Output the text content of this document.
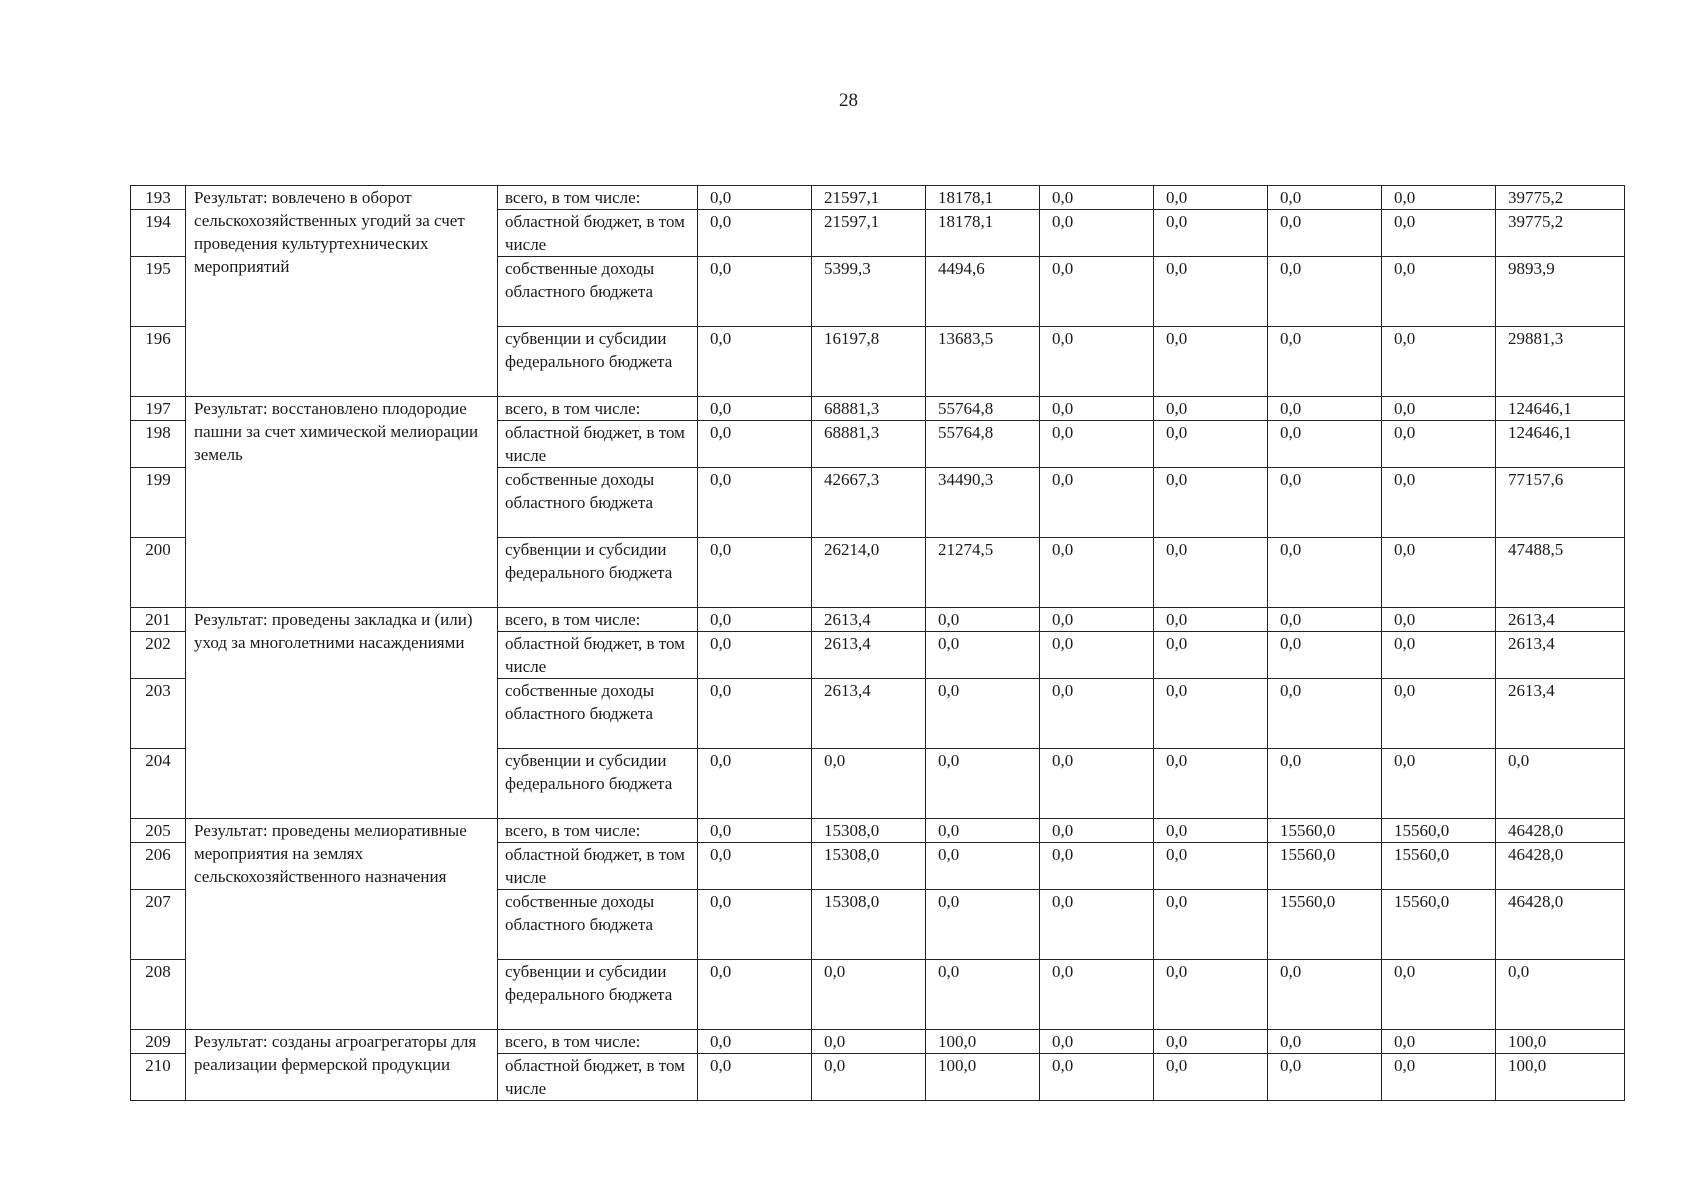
28
193	Результат: вовлечено в оборот сельскохозяйственных угодий за счет проведения культуртехнических мероприятий	всего, в том числе:	0,0	21597,1	18178,1	0,0	0,0	0,0	0,0	39775,2
194		областной бюджет, в том числе	0,0	21597,1	18178,1	0,0	0,0	0,0	0,0	39775,2
195		собственные доходы областного бюджета	0,0	5399,3	4494,6	0,0	0,0	0,0	0,0	9893,9
196		субвенции и субсидии федерального бюджета	0,0	16197,8	13683,5	0,0	0,0	0,0	0,0	29881,3
197	Результат: восстановлено плодородие пашни за счет химической мелиорации земель	всего, в том числе:	0,0	68881,3	55764,8	0,0	0,0	0,0	0,0	124646,1
198		областной бюджет, в том числе	0,0	68881,3	55764,8	0,0	0,0	0,0	0,0	124646,1
199		собственные доходы областного бюджета	0,0	42667,3	34490,3	0,0	0,0	0,0	0,0	77157,6
200		субвенции и субсидии федерального бюджета	0,0	26214,0	21274,5	0,0	0,0	0,0	0,0	47488,5
201	Результат: проведены закладка и (или) уход за многолетними насаждениями	всего, в том числе:	0,0	2613,4	0,0	0,0	0,0	0,0	0,0	2613,4
202		областной бюджет, в том числе	0,0	2613,4	0,0	0,0	0,0	0,0	0,0	2613,4
203		собственные доходы областного бюджета	0,0	2613,4	0,0	0,0	0,0	0,0	0,0	2613,4
204		субвенции и субсидии федерального бюджета	0,0	0,0	0,0	0,0	0,0	0,0	0,0	0,0
205	Результат: проведены мелиоративные мероприятия на землях сельскохозяйственного назначения	всего, в том числе:	0,0	15308,0	0,0	0,0	0,0	15560,0	15560,0	46428,0
206		областной бюджет, в том числе	0,0	15308,0	0,0	0,0	0,0	15560,0	15560,0	46428,0
207		собственные доходы областного бюджета	0,0	15308,0	0,0	0,0	0,0	15560,0	15560,0	46428,0
208		субвенции и субсидии федерального бюджета	0,0	0,0	0,0	0,0	0,0	0,0	0,0	0,0
209	Результат: созданы агроагрегаторы для реализации фермерской продукции	всего, в том числе:	0,0	0,0	100,0	0,0	0,0	0,0	0,0	100,0
210		областной бюджет, в том числе	0,0	0,0	100,0	0,0	0,0	0,0	0,0	100,0
